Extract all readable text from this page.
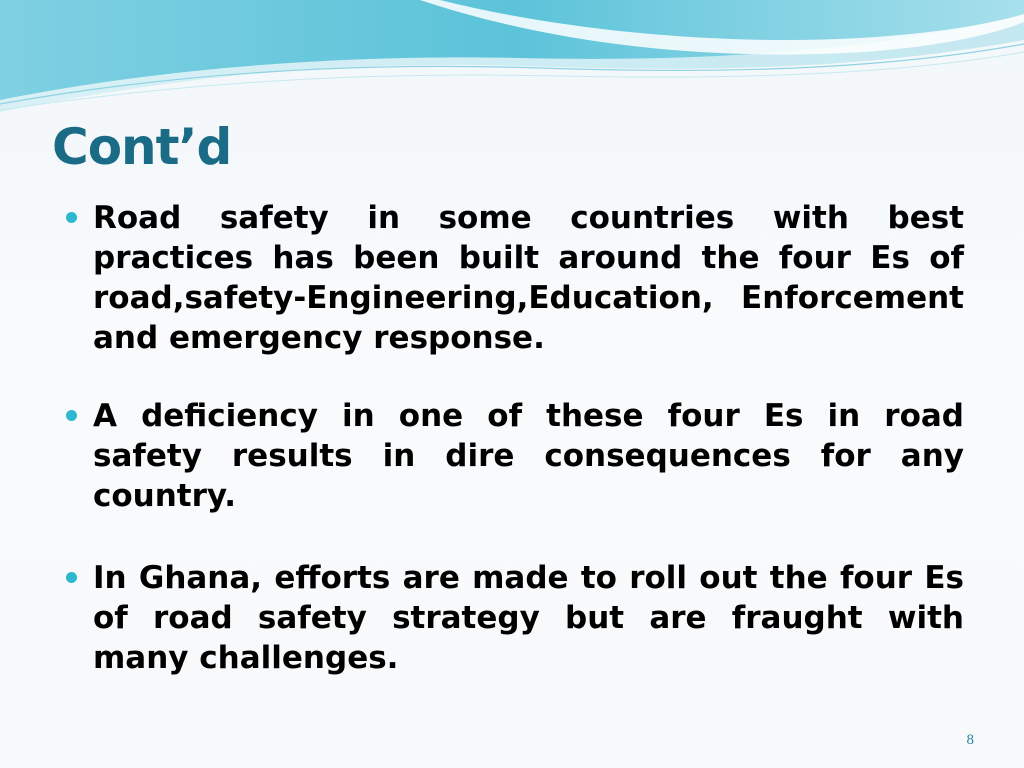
Cont’d
Road safety in some countries with best practices has been built around the four Es of road,safety-Engineering,Education, Enforcement and emergency response.
A deficiency in one of these four Es in road safety results in dire consequences for any country.
In Ghana, efforts are made to roll out the four Es of road safety strategy but are fraught with many challenges.
8
